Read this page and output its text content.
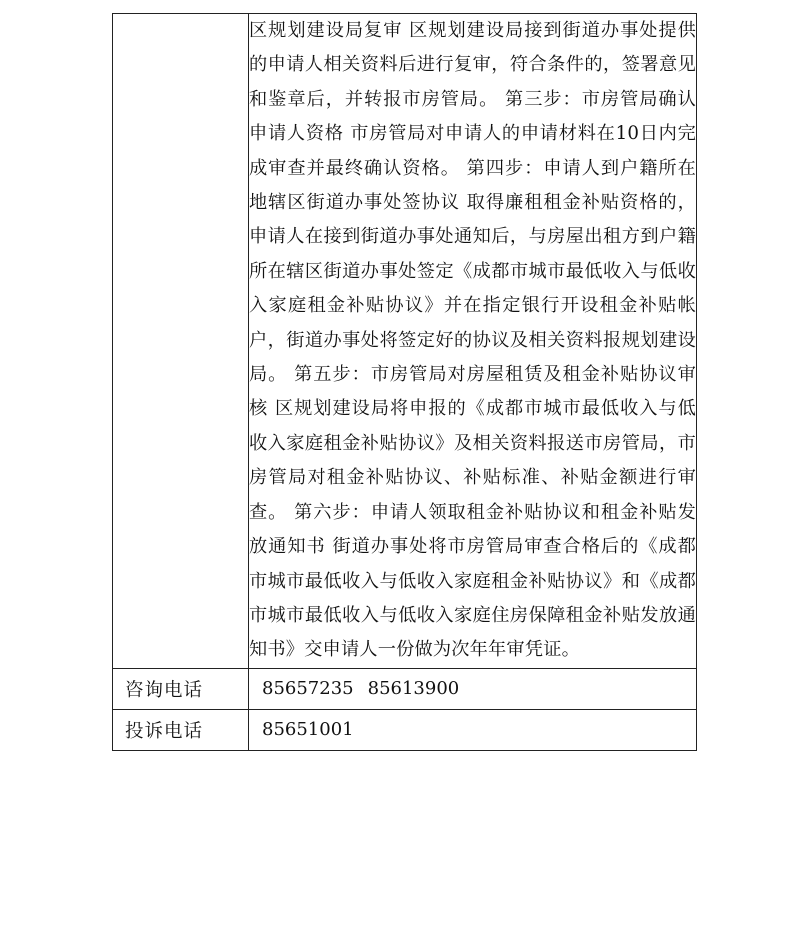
	区规划建设局复审 区规划建设局接到街道办事处提供的申请人相关资料后进行复审，符合条件的，签署意见和鉴章后，并转报市房管局。 第三步：市房管局确认申请人资格 市房管局对申请人的申请材料在10日内完成审查并最终确认资格。 第四步：申请人到户籍所在地辖区街道办事处签协议 取得廉租租金补贴资格的，申请人在接到街道办事处通知后，与房屋出租方到户籍所在辖区街道办事处签定《成都市城市最低收入与低收入家庭租金补贴协议》并在指定银行开设租金补贴帐户，街道办事处将签定好的协议及相关资料报规划建设局。 第五步：市房管局对房屋租赁及租金补贴协议审核 区规划建设局将申报的《成都市城市最低收入与低收入家庭租金补贴协议》及相关资料报送市房管局，市房管局对租金补贴协议、补贴标准、补贴金额进行审查。 第六步：申请人领取租金补贴协议和租金补贴发放通知书 街道办事处将市房管局审查合格后的《成都市城市最低收入与低收入家庭租金补贴协议》和《成都市城市最低收入与低收入家庭住房保障租金补贴发放通知书》交申请人一份做为次年年审凭证。

咨询电话	85657235 85613900
投诉电话	85651001
